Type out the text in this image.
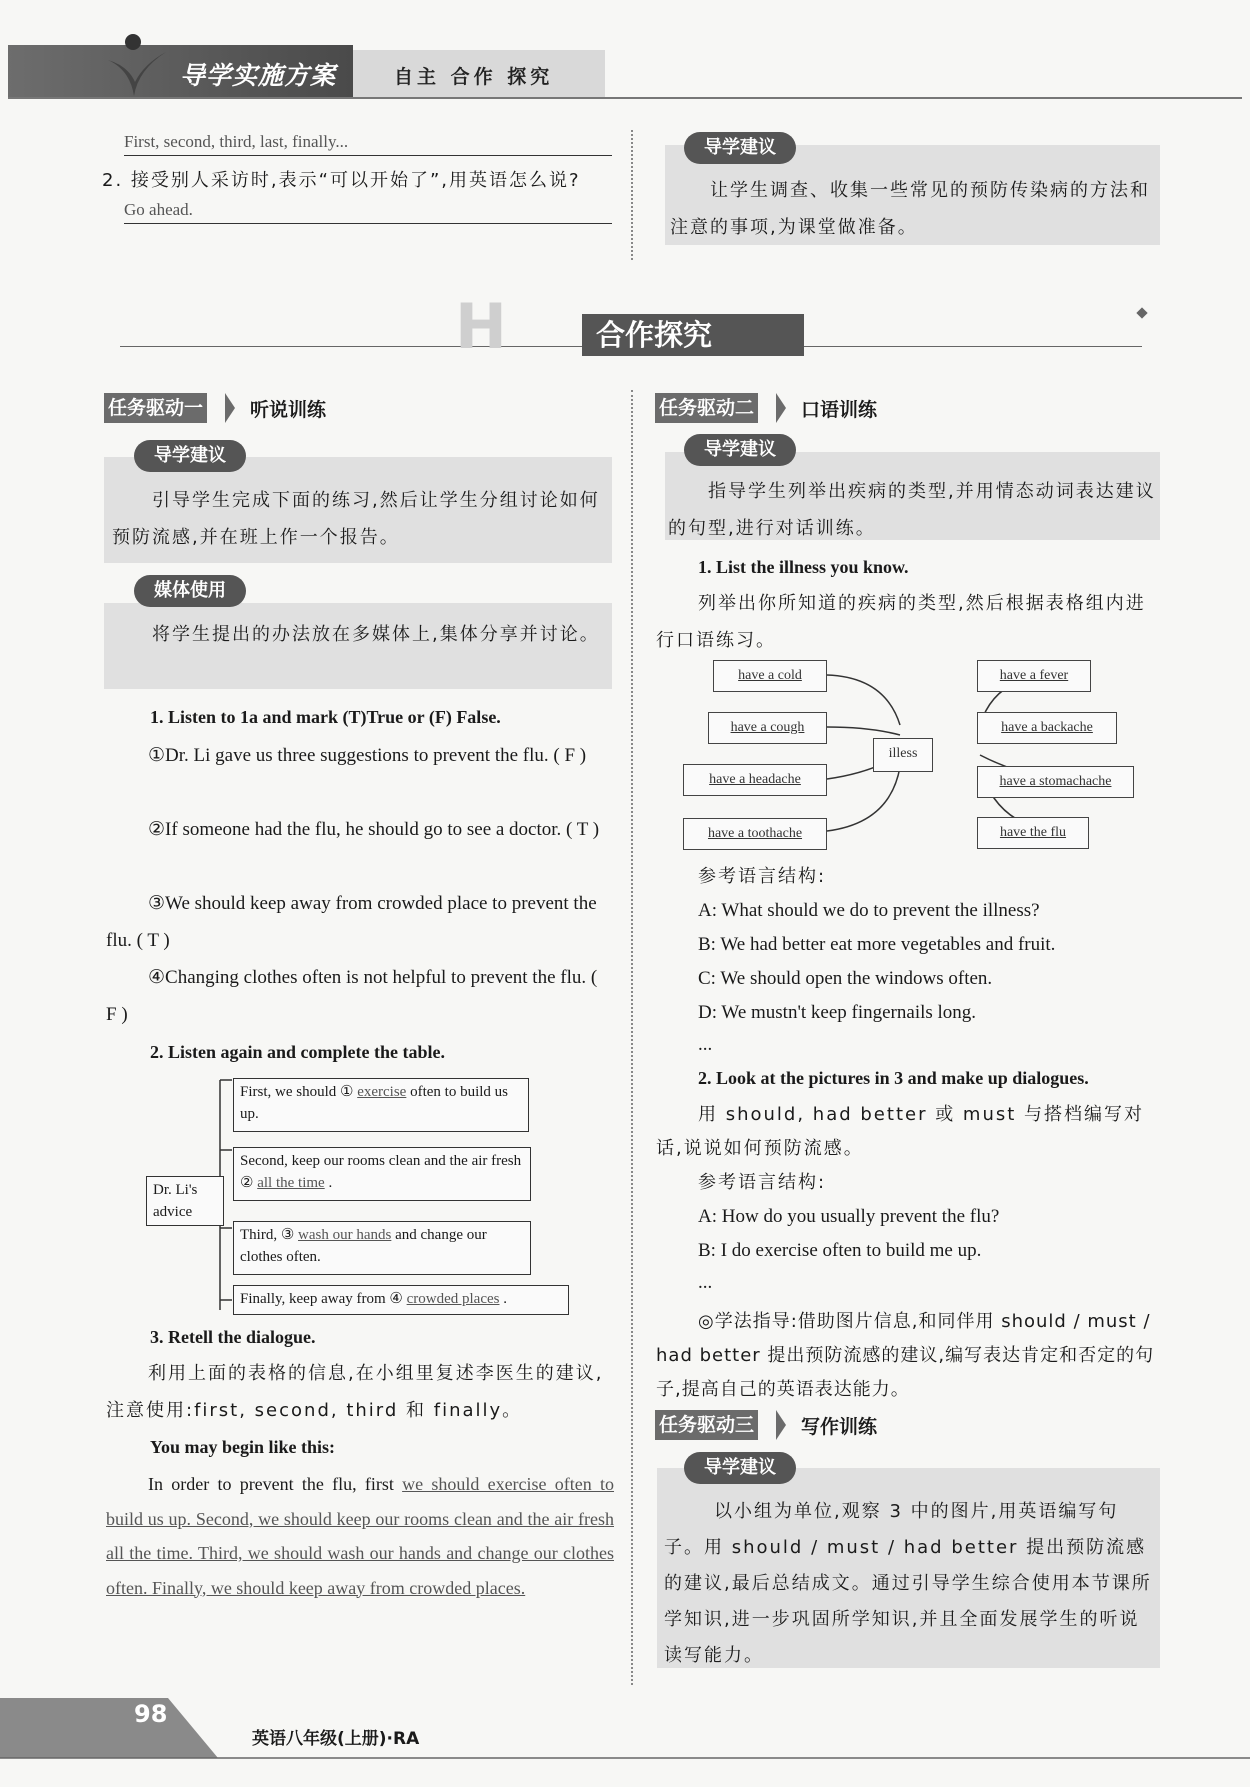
导学实施方案	自主 合作 探究
First, second, third, last, finally...
2. 接受别人采访时,表示“可以开始了”,用英语怎么说?
Go ahead.
导学建议
让学生调查、收集一些常见的预防传染病的方法和注意的事项,为课堂做准备。
H	合作探究
任务驱动一 听说训练
导学建议
引导学生完成下面的练习,然后让学生分组讨论如何预防流感,并在班上作一个报告。
媒体使用
将学生提出的办法放在多媒体上,集体分享并讨论。
1. Listen to 1a and mark (T)True or (F) False.
①Dr. Li gave us three suggestions to prevent the flu. ( F )
②If someone had the flu, he should go to see a doctor. ( T )
③We should keep away from crowded place to prevent the flu. ( T )
④Changing clothes often is not helpful to prevent the flu. ( F )
2. Listen again and complete the table.
Dr. Li's advice
First, we should ① exercise often to build us up.
Second, keep our rooms clean and the air fresh ② all the time .
Third, ③ wash our hands and change our clothes often.
Finally, keep away from ④ crowded places .
3. Retell the dialogue.
利用上面的表格的信息,在小组里复述李医生的建议,注意使用:first, second, third 和 finally。
You may begin like this:
In order to prevent the flu, first we should exercise often to build us up. Second, we should keep our rooms clean and the air fresh all the time. Third, we should wash our hands and change our clothes often. Finally, we should keep away from crowded places.
任务驱动二 口语训练
导学建议
指导学生列举出疾病的类型,并用情态动词表达建议的句型,进行对话训练。
1. List the illness you know.
列举出你所知道的疾病的类型,然后根据表格组内进行口语练习。
illess
have a cold
have a cough
have a headache
have a toothache
have a fever
have a backache
have a stomachache
have the flu
参考语言结构:
A: What should we do to prevent the illness?
B: We had better eat more vegetables and fruit.
C: We should open the windows often.
D: We mustn't keep fingernails long.
...
2. Look at the pictures in 3 and make up dialogues.
用 should, had better 或 must 与搭档编写对话,说说如何预防流感。
参考语言结构:
A: How do you usually prevent the flu?
B: I do exercise often to build me up.
...
◎学法指导:借助图片信息,和同伴用 should / must / had better 提出预防流感的建议,编写表达肯定和否定的句子,提高自己的英语表达能力。
任务驱动三 写作训练
导学建议
以小组为单位,观察 3 中的图片,用英语编写句子。用 should / must / had better 提出预防流感的建议,最后总结成文。通过引导学生综合使用本节课所学知识,进一步巩固所学知识,并且全面发展学生的听说读写能力。
98
英语八年级(上册)·RA
